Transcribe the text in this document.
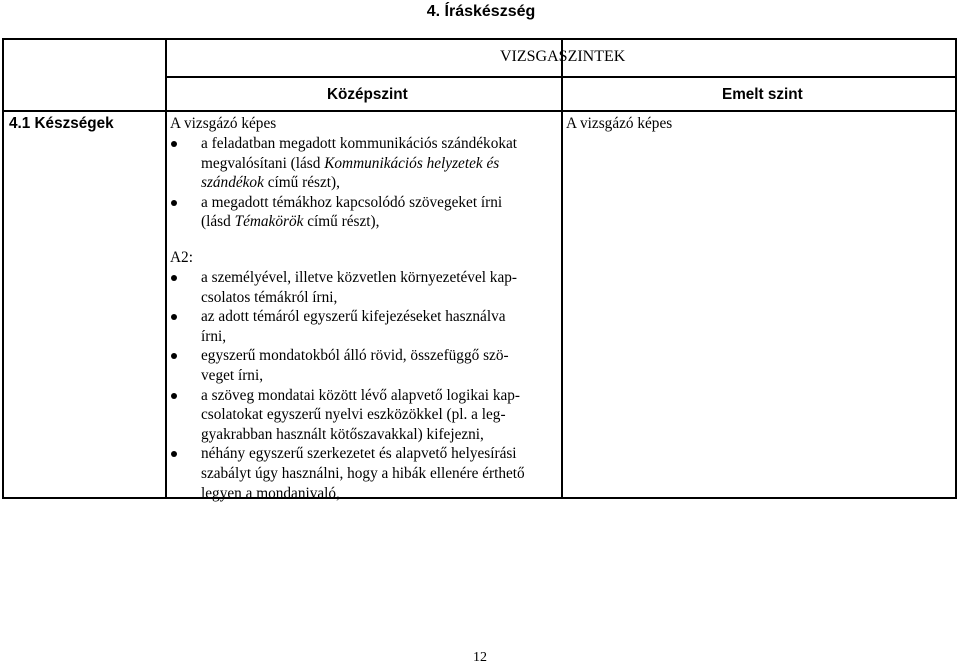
4. Íráskészség
VIZSGASZINTEK
Középszint	Emelt szint
4.1 Készségek	A vizsgázó képes
a feladatban megadott kommunikációs szándékokat
megvalósítani (lásd Kommunikációs helyzetek és
szándékok című részt),
a megadott témákhoz kapcsolódó szövegeket írni
(lásd Témakörök című részt),
A2:
a személyével, illetve közvetlen környezetével kap-
csolatos témákról írni,
az adott témáról egyszerű kifejezéseket használva
írni,
egyszerű mondatokból álló rövid, összefüggő szö-
veget írni,
a szöveg mondatai között lévő alapvető logikai kap-
csolatokat egyszerű nyelvi eszközökkel (pl. a leg-
gyakrabban használt kötőszavakkal) kifejezni,
néhány egyszerű szerkezetet és alapvető helyesírási
szabályt úgy használni, hogy a hibák ellenére érthető
legyen a mondanivaló,
A vizsgázó képes
12
